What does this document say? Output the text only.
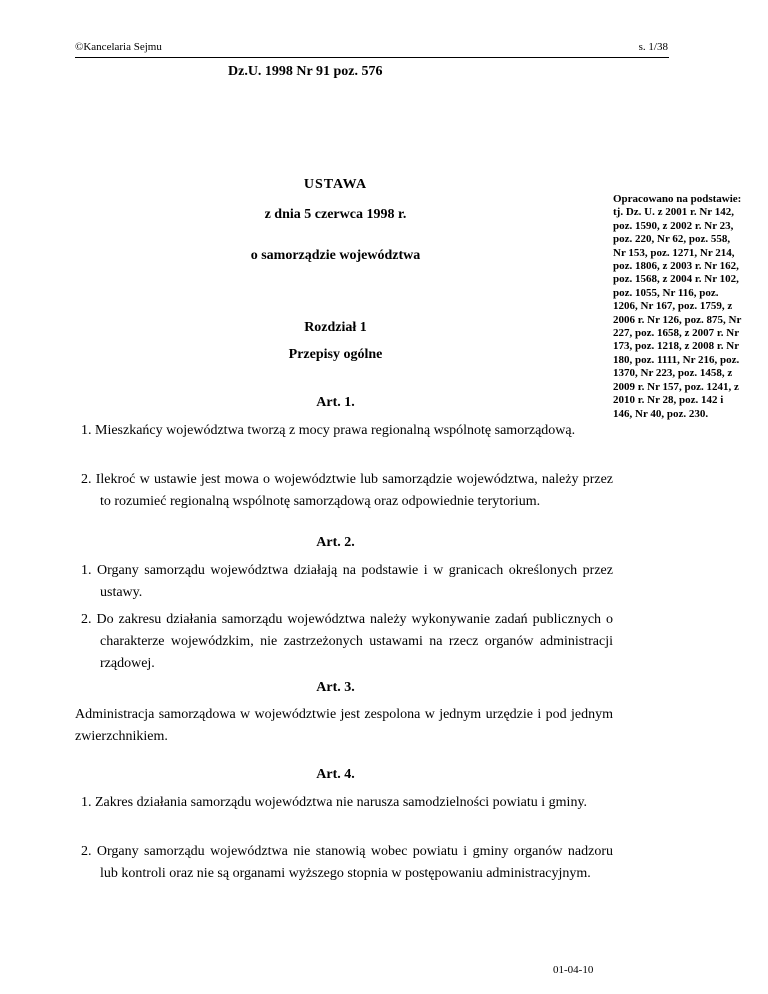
©Kancelaria Sejmu	s. 1/38
Dz.U. 1998 Nr 91 poz. 576
USTAWA
z dnia 5 czerwca 1998 r.
o samorządzie województwa
Rozdział 1
Przepisy ogólne
Art. 1.
1. Mieszkańcy województwa tworzą z mocy prawa regionalną wspólnotę samorządową.
2. Ilekroć w ustawie jest mowa o województwie lub samorządzie województwa, należy przez to rozumieć regionalną wspólnotę samorządową oraz odpowiednie terytorium.
Art. 2.
1. Organy samorządu województwa działają na podstawie i w granicach określonych przez ustawy.
2. Do zakresu działania samorządu województwa należy wykonywanie zadań publicznych o charakterze wojewódzkim, nie zastrzeżonych ustawami na rzecz organów administracji rządowej.
Art. 3.
Administracja samorządowa w województwie jest zespolona w jednym urzędzie i pod jednym zwierzchnikiem.
Art. 4.
1. Zakres działania samorządu województwa nie narusza samodzielności powiatu i gminy.
2. Organy samorządu województwa nie stanowią wobec powiatu i gminy organów nadzoru lub kontroli oraz nie są organami wyższego stopnia w postępowaniu administracyjnym.
Opracowano na podstawie: tj. Dz. U. z 2001 r. Nr 142, poz. 1590, z 2002 r. Nr 23, poz. 220, Nr 62, poz. 558, Nr 153, poz. 1271, Nr 214, poz. 1806, z 2003 r. Nr 162, poz. 1568, z 2004 r. Nr 102, poz. 1055, Nr 116, poz. 1206, Nr 167, poz. 1759, z 2006 r. Nr 126, poz. 875, Nr 227, poz. 1658, z 2007 r. Nr 173, poz. 1218, z 2008 r. Nr 180, poz. 1111, Nr 216, poz. 1370, Nr 223, poz. 1458, z 2009 r. Nr 157, poz. 1241, z 2010 r. Nr 28, poz. 142 i 146, Nr 40, poz. 230.
01-04-10
